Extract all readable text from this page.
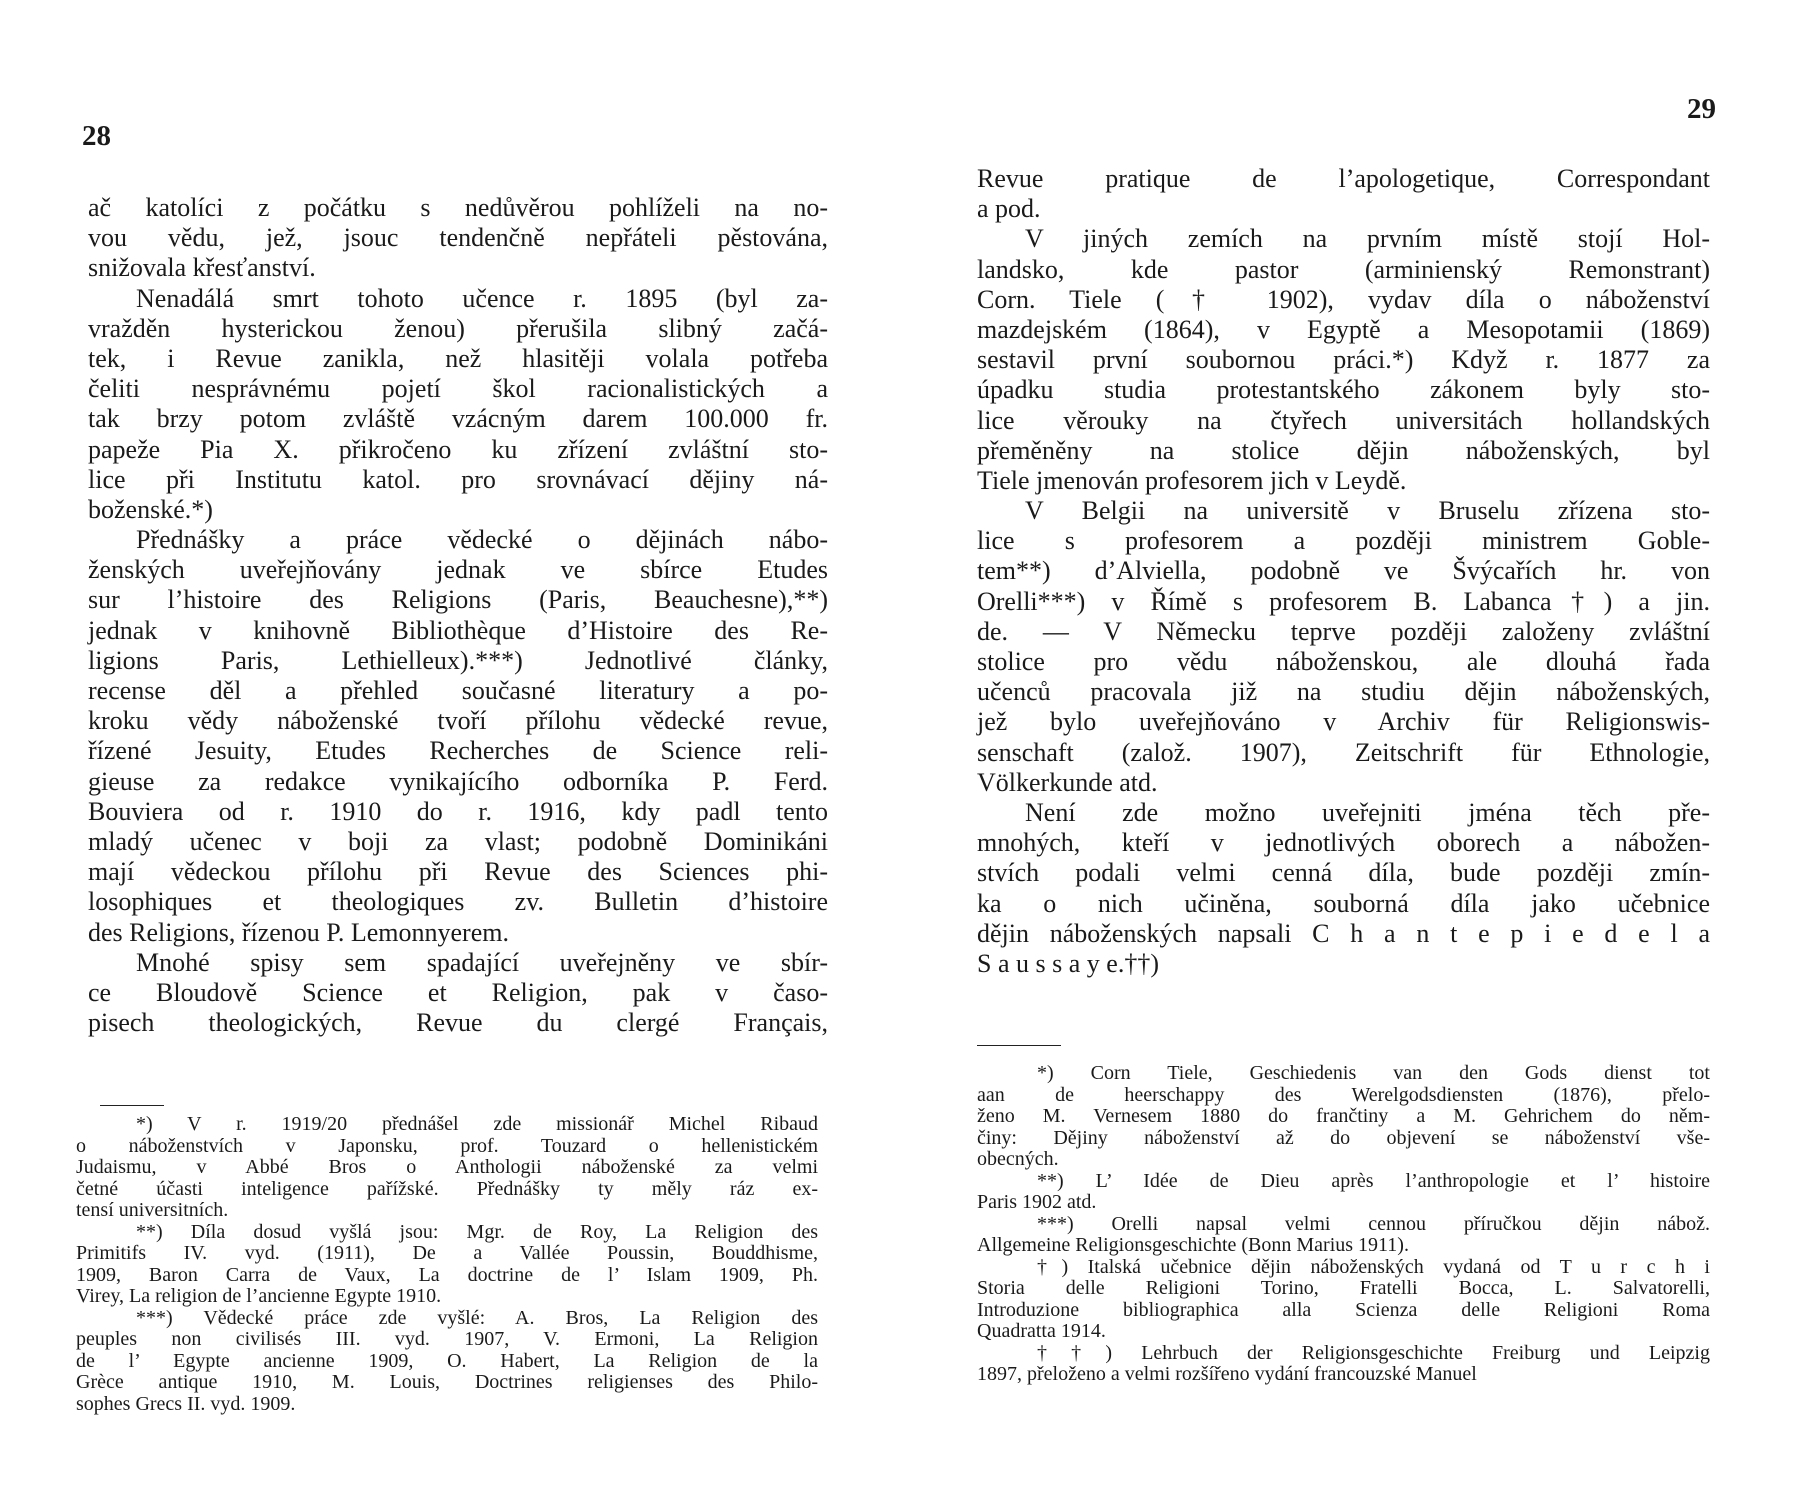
28
ač katolíci z počátku s nedůvěrou pohlíželi na no-
vou vědu, jež, jsouc tendenčně nepřáteli pěstována,
snižovala křesťanství.
Nenadálá smrt tohoto učence r. 1895 (byl za-
vražděn hysterickou ženou) přerušila slibný začá-
tek, i Revue zanikla, než hlasitěji volala potřeba
čeliti nesprávnému pojetí škol racionalistických a
tak brzy potom zvláště vzácným darem 100.000 fr.
papeže Pia X. přikročeno ku zřízení zvláštní sto-
lice při Institutu katol. pro srovnávací dějiny ná-
boženské.*)
Přednášky a práce vědecké o dějinách nábo-
ženských uveřejňovány jednak ve sbírce Etudes
sur l’histoire des Religions (Paris, Beauchesne),**)
jednak v knihovně Bibliothèque d’Histoire des Re-
ligions Paris, Lethielleux).***) Jednotlivé články,
recense děl a přehled současné literatury a po-
kroku vědy náboženské tvoří přílohu vědecké revue,
řízené Jesuity, Etudes Recherches de Science reli-
gieuse za redakce vynikajícího odborníka P. Ferd.
Bouviera od r. 1910 do r. 1916, kdy padl tento
mladý učenec v boji za vlast; podobně Dominikáni
mají vědeckou přílohu při Revue des Sciences phi-
losophiques et theologiques zv. Bulletin d’histoire
des Religions, řízenou P. Lemonnyerem.
Mnohé spisy sem spadající uveřejněny ve sbír-
ce Bloudově Science et Religion, pak v časo-
pisech theologických, Revue du clergé Français,
*) V r. 1919/20 přednášel zde missionář Michel Ribaud
o náboženstvích v Japonsku, prof. Touzard o hellenistickém
Judaismu, v Abbé Bros o Anthologii náboženské za velmi
četné účasti inteligence pařížské. Přednášky ty měly ráz ex-
tensí universitních.
**) Díla dosud vyšlá jsou: Mgr. de Roy, La Religion des
Primitifs IV. vyd. (1911), De a Vallée Poussin, Bouddhisme,
1909, Baron Carra de Vaux, La doctrine de l’ Islam 1909, Ph.
Virey, La religion de l’ancienne Egypte 1910.
***) Vědecké práce zde vyšlé: A. Bros, La Religion des
peuples non civilisés III. vyd. 1907, V. Ermoni, La Religion
de l’ Egypte ancienne 1909, O. Habert, La Religion de la
Grèce antique 1910, M. Louis, Doctrines religienses des Philo-
sophes Grecs II. vyd. 1909.
29
Revue pratique de l’apologetique, Correspondant
a pod.
V jiných zemích na prvním místě stojí Hol-
landsko, kde pastor (arminienský Remonstrant)
Corn. Tiele († 1902), vydav díla o náboženství
mazdejském (1864), v Egyptě a Mesopotamii (1869)
sestavil první soubornou práci.*) Když r. 1877 za
úpadku studia protestantského zákonem byly sto-
lice věrouky na čtyřech universitách hollandských
přeměněny na stolice dějin náboženských, byl
Tiele jmenován profesorem jich v Leydě.
V Belgii na universitě v Bruselu zřízena sto-
lice s profesorem a později ministrem Goble-
tem**) d’Alviella, podobně ve Švýcařích hr. von
Orelli***) v Římě s profesorem B. Labanca†) a jin.
de. — V Německu teprve později založeny zvláštní
stolice pro vědu náboženskou, ale dlouhá řada
učenců pracovala již na studiu dějin náboženských,
jež bylo uveřejňováno v Archiv für Religionswis-
senschaft (založ. 1907), Zeitschrift für Ethnologie,
Völkerkunde atd.
Není zde možno uveřejniti jména těch pře-
mnohých, kteří v jednotlivých oborech a nábožen-
stvích podali velmi cenná díla, bude později zmín-
ka o nich učiněna, souborná díla jako učebnice
dějin náboženských napsali C h a n t e p i e d e l a
S a u s s a y e.††)
*) Corn Tiele, Geschiedenis van den Gods dienst tot
aan de heerschappy des Werelgodsdiensten (1876), přelo-
ženo M. Vernesem 1880 do frančtiny a M. Gehrichem do něm-
činy: Dějiny náboženství až do objevení se náboženství vše-
obecných.
**) L’ Idée de Dieu après l’anthropologie et l’ histoire
Paris 1902 atd.
***) Orelli napsal velmi cennou příručkou dějin nábož.
Allgemeine Religionsgeschichte (Bonn Marius 1911).
†) Italská učebnice dějin náboženských vydaná od T u r c h i
Storia delle Religioni Torino, Fratelli Bocca, L. Salvatorelli,
Introduzione bibliographica alla Scienza delle Religioni Roma
Quadratta 1914.
††) Lehrbuch der Religionsgeschichte Freiburg und Leipzig
1897, přeloženo a velmi rozšířeno vydání francouzské Manuel
